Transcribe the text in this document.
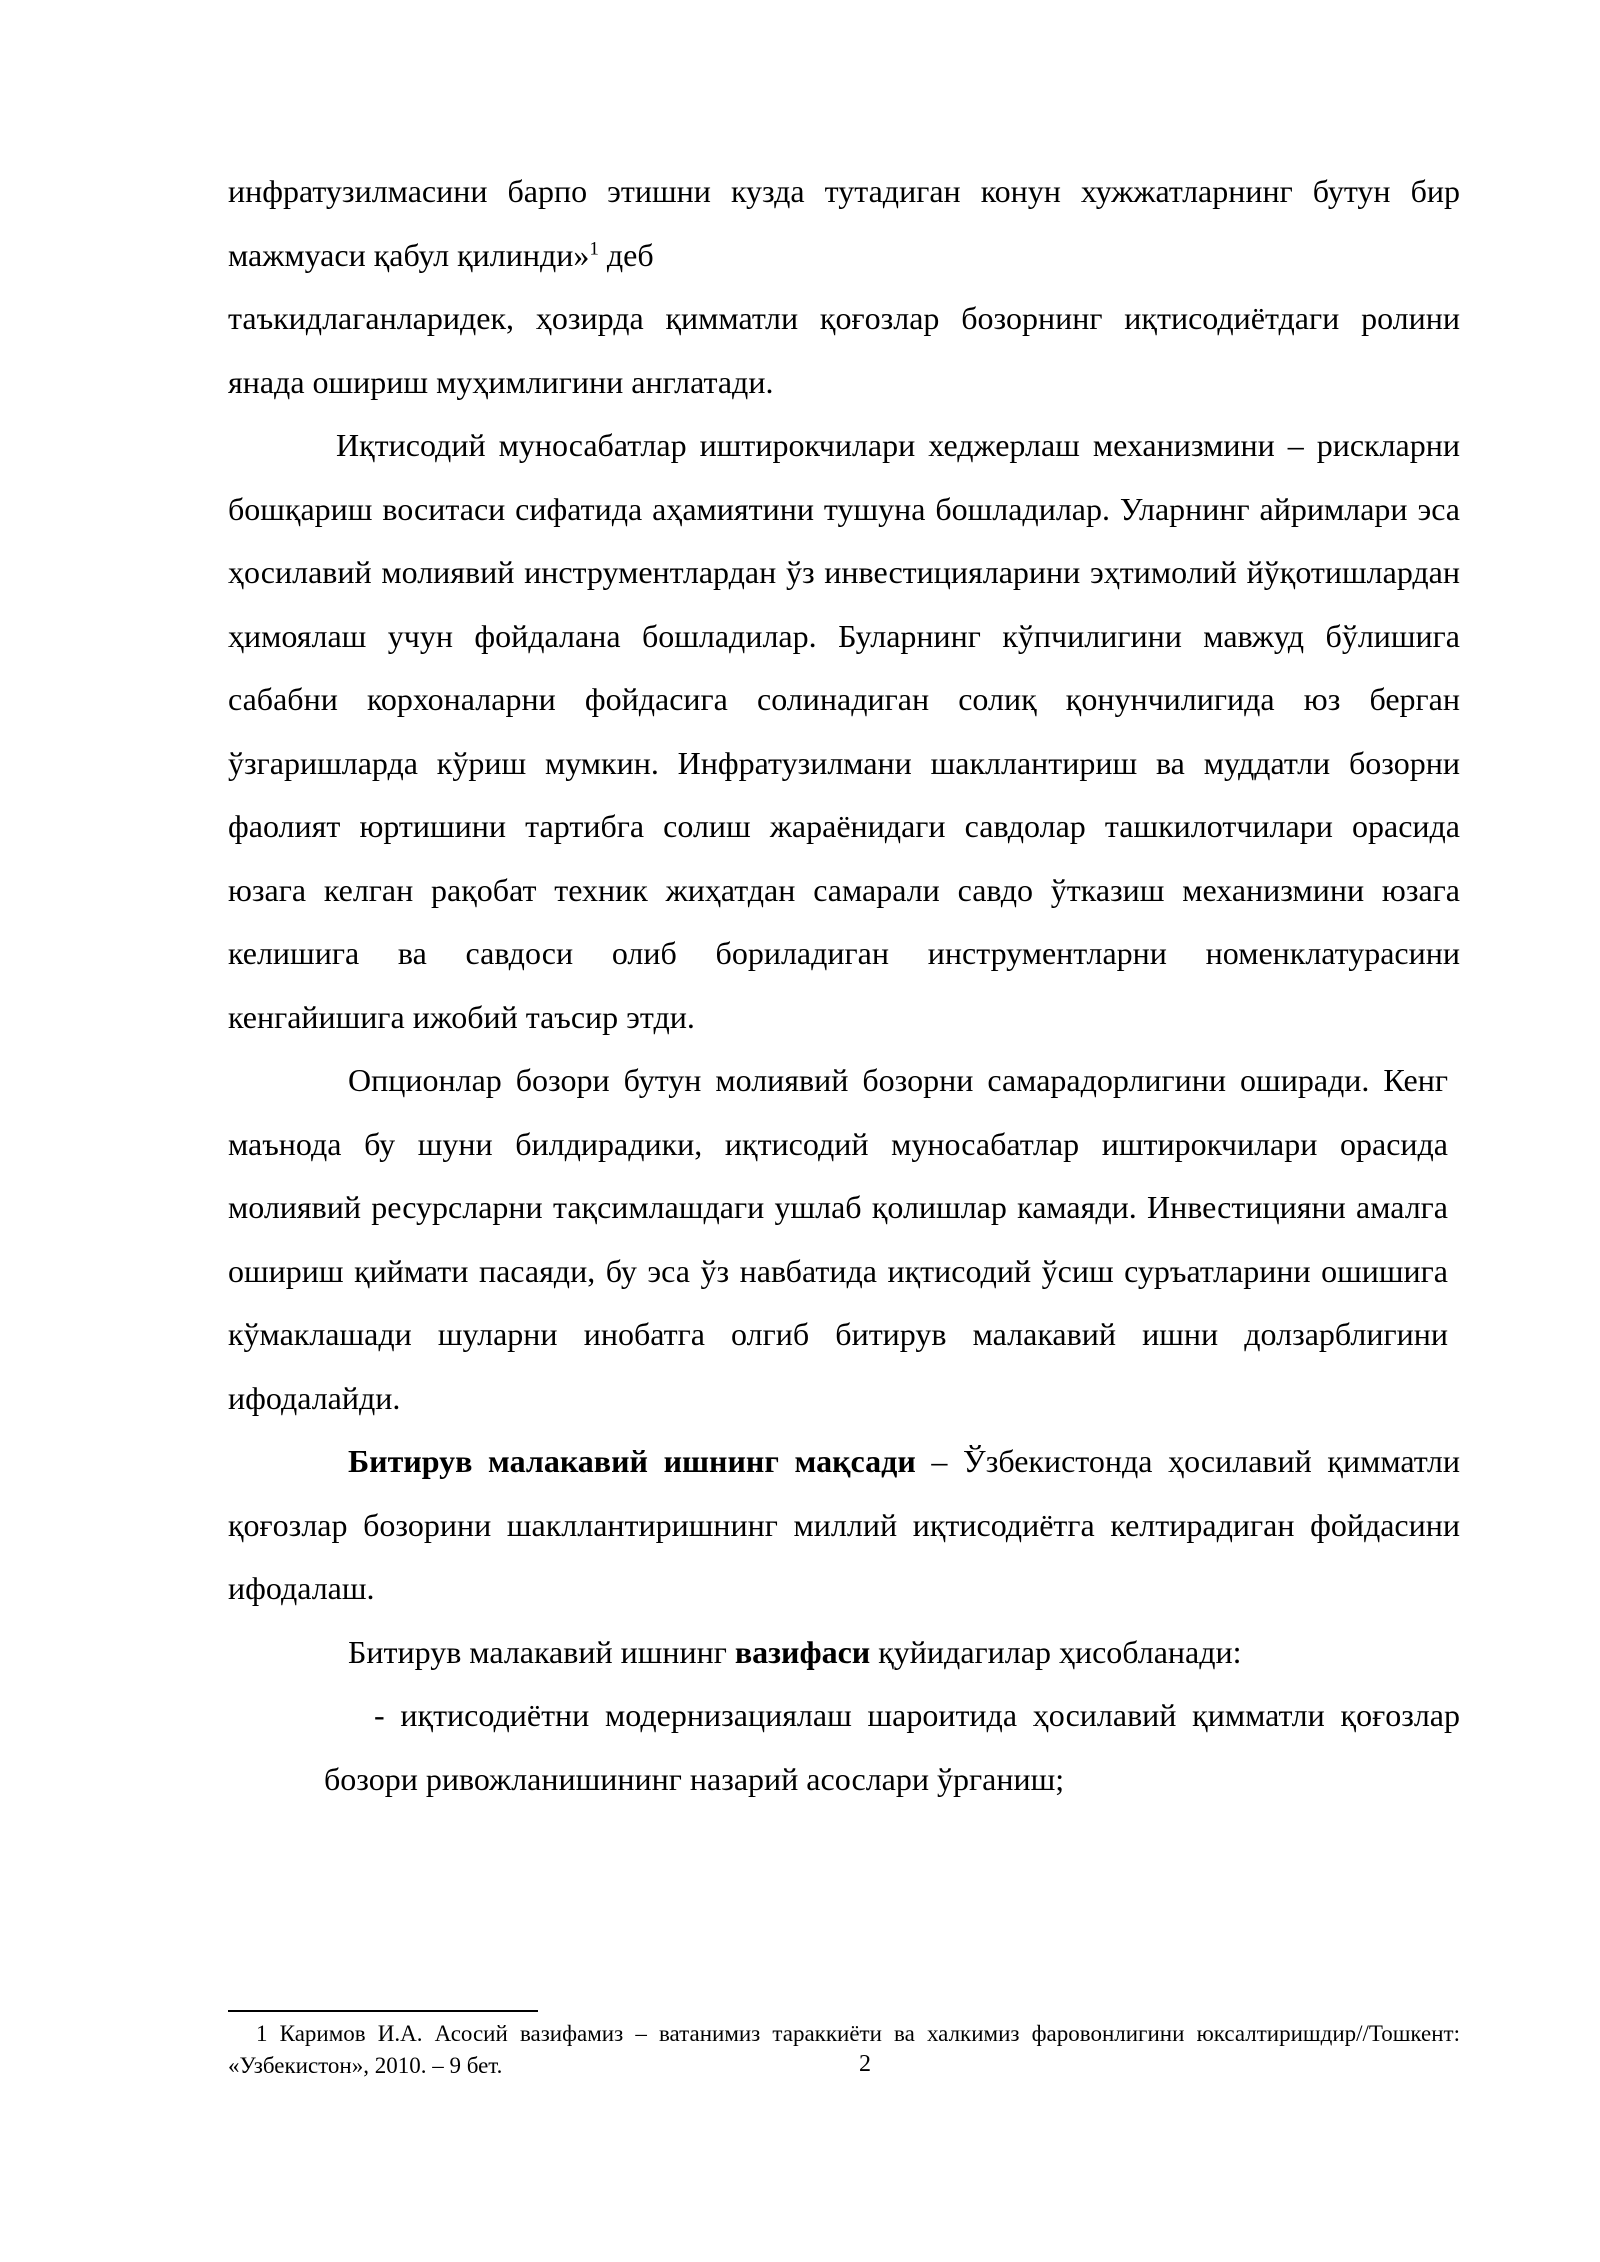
инфратузилмасини барпо этишни кузда тутадиган конун хужжатларнинг бутун бир мажмуаси қабул қилинди»$^1$ деб

таъкидлаганларидек, ҳозирда қимматли қоғозлар бозорнинг иқтисодиётдаги ролини янада ошириш муҳимлигини англатади.

Иқтисодий муносабатлар иштирокчилари хеджерлаш механизмини – рискларни бошқариш воситаси сифатида аҳамиятини тушуна бошладилар. Уларнинг айримлари эса ҳосилавий молиявий инструментлардан ўз инвестицияларини эҳтимолий йўқотишлардан ҳимоялаш учун фойдалана бошладилар. Буларнинг кўпчилигини мавжуд бўлишига сабабни корхоналарни фойдасига солинадиган солиқ қонунчилигида юз берган ўзгаришларда кўриш мумкин. Инфратузилмани шакллантириш ва муддатли бозорни фаолият юртишини тартибга солиш жараёнидаги савдолар ташкилотчилари орасида юзага келган рақобат техник жиҳатдан самарали савдо ўтказиш механизмини юзага келишига ва савдоси олиб бориладиган инструментларни номенклатурасини кенгайишига ижобий таъсир этди.

Опционлар бозори бутун молиявий бозорни самарадорлигини оширади. Кенг маънода бу шуни билдирадики, иқтисодий муносабатлар иштирокчилари орасида молиявий ресурсларни тақсимлашдаги ушлаб қолишлар камаяди. Инвестицияни амалга ошириш қиймати пасаяди, бу эса ўз навбатида иқтисодий ўсиш суръатларини ошишига кўмаклашади шуларни инобатга олгиб битирув малакавий ишни долзарблигини ифодалайди.

Битирув малакавий ишнинг мақсади – Ўзбекистонда ҳосилавий қимматли қоғозлар бозорини шакллантиришнинг миллий иқтисодиётга келтирадиган фойдасини ифодалаш.

Битирув малакавий ишнинг вазифаси қуйидагилар ҳисобланади:

- иқтисодиётни модернизациялаш шароитида ҳосилавий қимматли қоғозлар бозори ривожланишининг назарий асослари ўрганиш;

1 Каримов И.А. Асосий вазифамиз – ватанимиз тараккиёти ва халкимиз фаровонлигини юксалтиришдир//Тошкент: «Узбекистон», 2010. – 9 бет.	2
